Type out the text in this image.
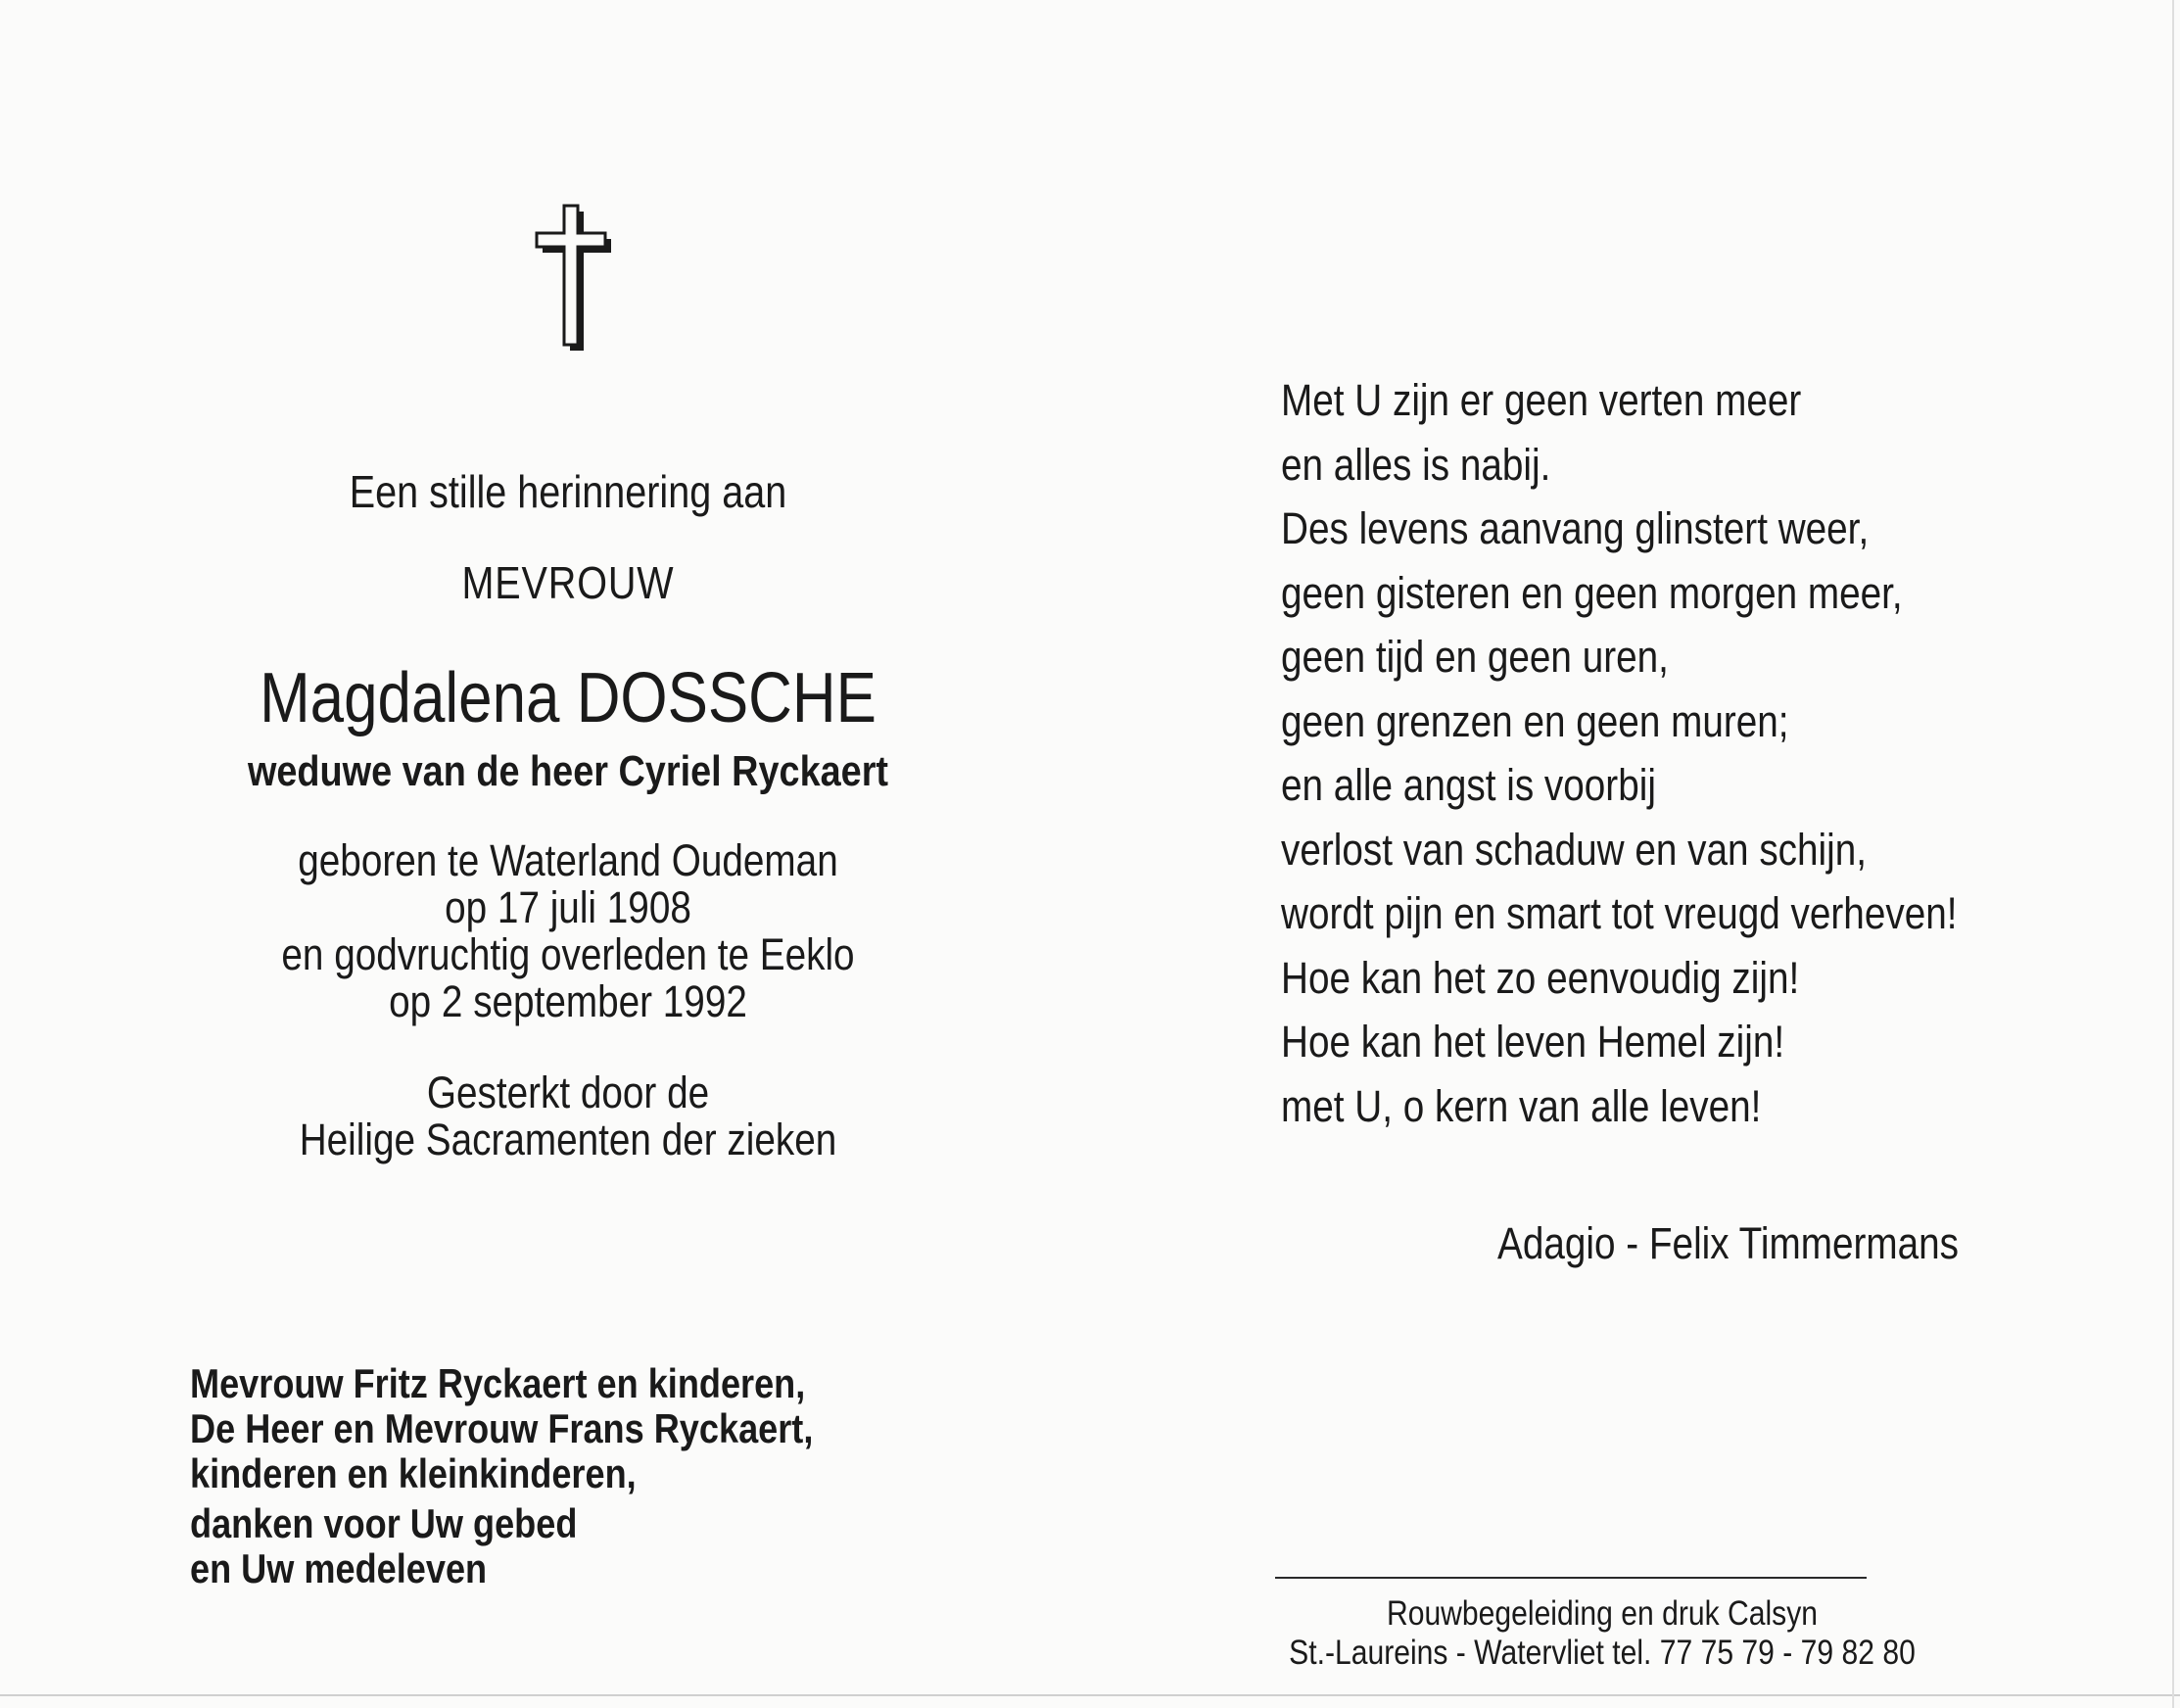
Een stille herinnering aan
MEVROUW
Magdalena DOSSCHE
weduwe van de heer Cyriel Ryckaert
geboren te Waterland Oudeman
op 17 juli 1908
en godvruchtig overleden te Eeklo
op 2 september 1992
Gesterkt door de
Heilige Sacramenten der zieken
Mevrouw Fritz Ryckaert en kinderen,
De Heer en Mevrouw Frans Ryckaert,
kinderen en kleinkinderen,
danken voor Uw gebed
en Uw medeleven
Met U zijn er geen verten meer
en alles is nabij.
Des levens aanvang glinstert weer,
geen gisteren en geen morgen meer,
geen tijd en geen uren,
geen grenzen en geen muren;
en alle angst is voorbij
verlost van schaduw en van schijn,
wordt pijn en smart tot vreugd verheven!
Hoe kan het zo eenvoudig zijn!
Hoe kan het leven Hemel zijn!
met U, o kern van alle leven!
Adagio - Felix Timmermans
Rouwbegeleiding en druk Calsyn
St.-Laureins - Watervliet tel. 77 75 79 - 79 82 80
